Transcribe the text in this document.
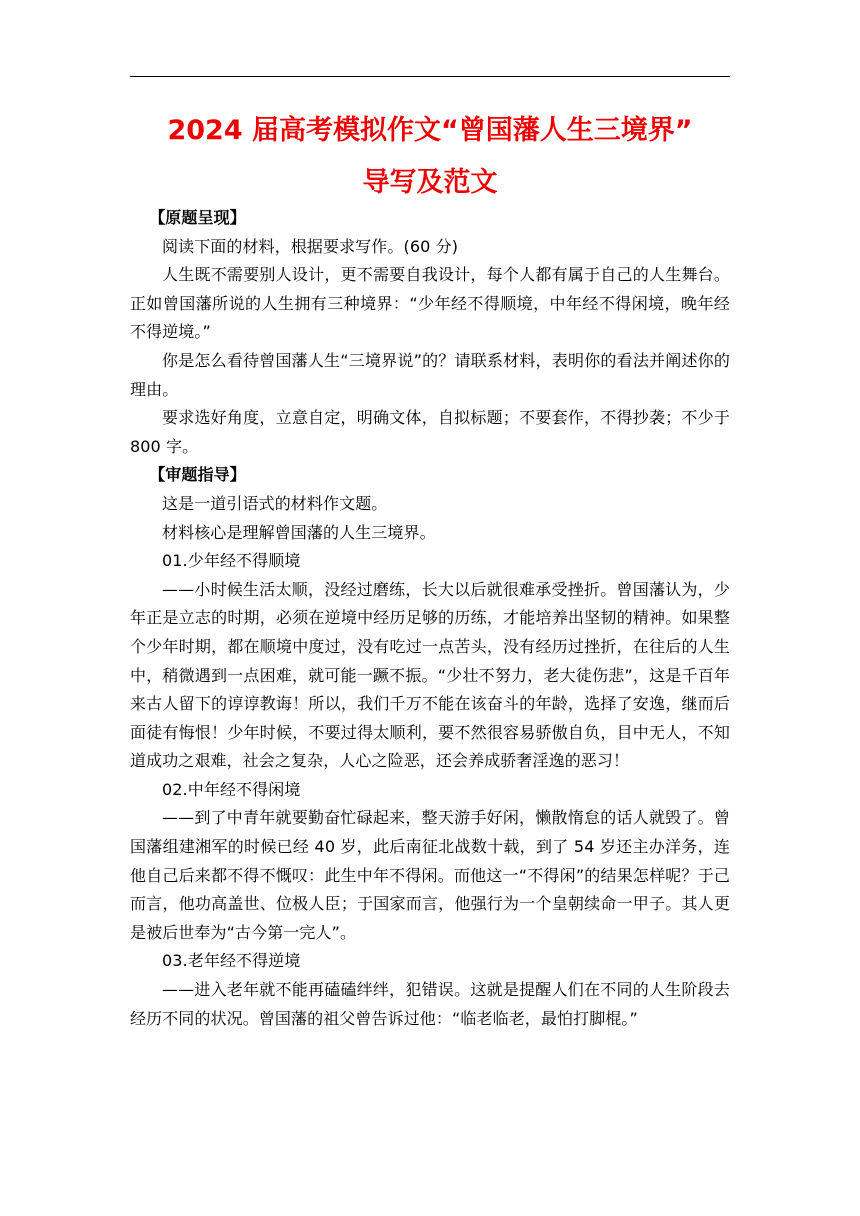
2024 届高考模拟作文“曾国藩人生三境界”
导写及范文

【原题呈现】

阅读下面的材料，根据要求写作。(60 分)

人生既不需要别人设计，更不需要自我设计，每个人都有属于自己的人生舞台。正如曾国藩所说的人生拥有三种境界：“少年经不得顺境，中年经不得闲境，晚年经不得逆境。”

你是怎么看待曾国藩人生“三境界说”的？请联系材料，表明你的看法并阐述你的理由。

要求选好角度，立意自定，明确文体，自拟标题；不要套作，不得抄袭；不少于 800 字。

【审题指导】

这是一道引语式的材料作文题。

材料核心是理解曾国藩的人生三境界。

01.少年经不得顺境

——小时候生活太顺，没经过磨练，长大以后就很难承受挫折。曾国藩认为，少年正是立志的时期，必须在逆境中经历足够的历练，才能培养出坚韧的精神。如果整个少年时期，都在顺境中度过，没有吃过一点苦头，没有经历过挫折，在往后的人生中，稍微遇到一点困难，就可能一蹶不振。“少壮不努力，老大徒伤悲”，这是千百年来古人留下的谆谆教诲！所以，我们千万不能在该奋斗的年龄，选择了安逸，继而后面徒有悔恨！少年时候，不要过得太顺利，要不然很容易骄傲自负，目中无人，不知道成功之艰难，社会之复杂，人心之险恶，还会养成骄奢淫逸的恶习！

02.中年经不得闲境

——到了中青年就要勤奋忙碌起来，整天游手好闲，懒散惰怠的话人就毁了。曾国藩组建湘军的时候已经 40 岁，此后南征北战数十载，到了 54 岁还主办洋务，连他自己后来都不得不慨叹：此生中年不得闲。而他这一“不得闲”的结果怎样呢？于己而言，他功高盖世、位极人臣；于国家而言，他强行为一个皇朝续命一甲子。其人更是被后世奉为“古今第一完人”。

03.老年经不得逆境

——进入老年就不能再磕磕绊绊，犯错误。这就是提醒人们在不同的人生阶段去经历不同的状况。曾国藩的祖父曾告诉过他：“临老临老，最怕打脚棍。”
